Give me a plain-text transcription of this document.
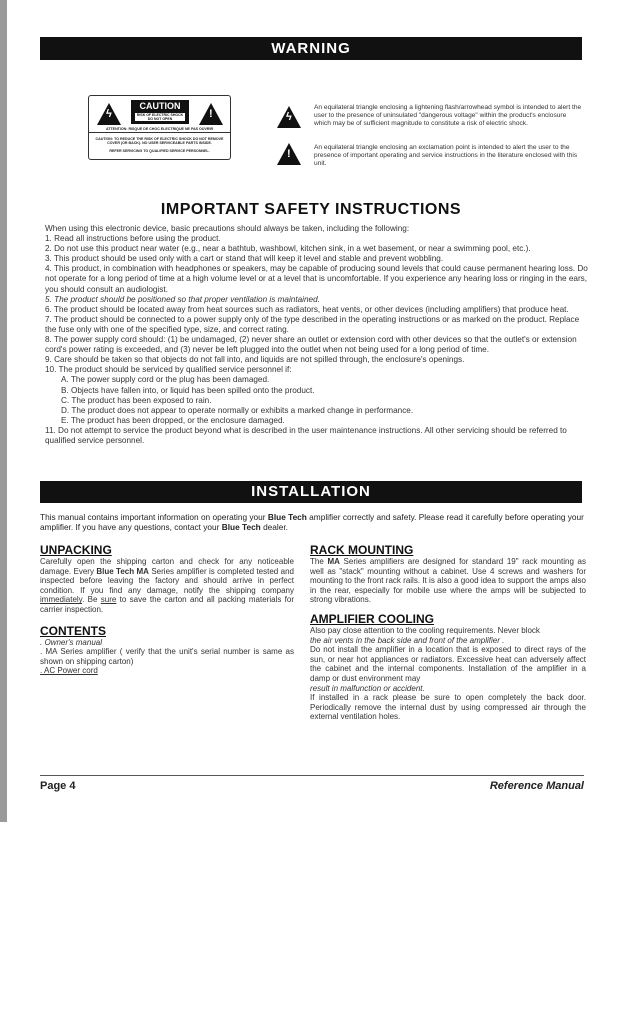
WARNING
ϟ
CAUTION
RISK OF ELECTRIC SHOCK DO NOT OPEN	!
ATTENTION: RISQUE DE CHOC ELECTRIQUE NE PAS OUVRIR
CAUTION: TO REDUCE THE RISK OF ELECTRIC SHOCK DO NOT REMOVE COVER (OR BACK). NO USER SERVICEABLE PARTS INSIDE.
REFER SERVICING TO QUALIFIED SERVICE PERSONNEL.
ϟ
An equilateral triangle enclosing a lightening flash/arrowhead symbol is intended to alert the user to the presence of uninsulated "dangerous voltage" within the product's enclosure which may be of sufficient magnitude to constitute a risk of electric shock.
!
An equilateral triangle enclosing an exclamation point is intended to alert the user to the presence of important operating and service instructions in the literature enclosed with this unit.
IMPORTANT SAFETY INSTRUCTIONS
When using this electronic device, basic precautions should always be taken, including the following:
1. Read all instructions before using the product.
2. Do not use this product near water (e.g., near a bathtub, washbowl, kitchen sink, in a wet basement, or near a swimming pool, etc.).
3. This product should be used only with a cart or stand that will keep it level and stable and prevent wobbling.
4. This product, in combination with headphones or speakers, may be capable of producing sound levels that could cause permanent hearing loss. Do not operate for a long period of time at a high volume level or at a level that is uncomfortable. If you experience any hearing loss or ringing in the ears, you should consult an audiologist.
5. The product should be positioned so that proper ventilation is maintained.
6. The product should be located away from heat sources such as radiators, heat vents, or other devices (including amplifiers) that produce heat.
7. The product should be connected to a power supply only of the type described in the operating instructions or as marked on the product. Replace the fuse only with one of the specified type, size, and correct rating.
8. The power supply cord should: (1) be undamaged, (2) never share an outlet or extension cord with other devices so that the outlet's or extension cord's power rating is exceeded, and (3) never be left plugged into the outlet when not being used for a long period of time.
9. Care should be taken so that objects do not fall into, and liquids are not spilled through, the enclosure's openings.
10. The product should be serviced by qualified service personnel if:
A. The power supply cord or the plug has been damaged.
B. Objects have fallen into, or liquid has been spilled onto the product.
C. The product has been exposed to rain.
D. The product does not appear to operate normally or exhibits a marked change in performance.
E. The product has been dropped, or the enclosure damaged.
11. Do not attempt to service the product beyond what is described in the user maintenance instructions. All other servicing should be referred to qualified service personnel.
INSTALLATION
This manual contains important information on operating your Blue Tech amplifier correctly and safety. Please read it carefully before operating your amplifier. If you have any questions, contact your Blue Tech dealer.
UNPACKING

Carefully open the shipping carton and check for any noticeable damage. Every Blue Tech MA Series amplifier is completed tested and inspected before leaving the factory and should arrive in perfect condition. If you find any damage, notify the shipping company immediately. Be sure to save the carton and all packing materials for carrier inspection.

CONTENTS
. Owner's manual
. MA Series amplifier ( verify that the unit's serial number is same as shown on shipping carton)
. AC Power cord
RACK MOUNTING

The MA Series amplifiers are designed for standard 19" rack mounting as well as "stack" mounting without a cabinet. Use 4 screws and washers for mounting to the front rack rails. It is also a good idea to support the amps also in the rear, especially for mobile use where the amps will be subjected to strong vibrations.

AMPLIFIER COOLING

Also pay close attention to the cooling requirements. Never block

the air vents in the back side and front of the amplifier .

Do not install the amplifier in a location that is exposed to direct rays of the sun, or near hot appliances or radiators. Excessive heat can adversely affect the cabinet and the internal components. Installation of the amplifier in a damp or dust environment may

result in malfunction or accident.

If installed in a rack please be sure to open completely the back door. Periodically remove the internal dust by using compressed air through the external ventilation holes.

Page 4	Reference Manual
